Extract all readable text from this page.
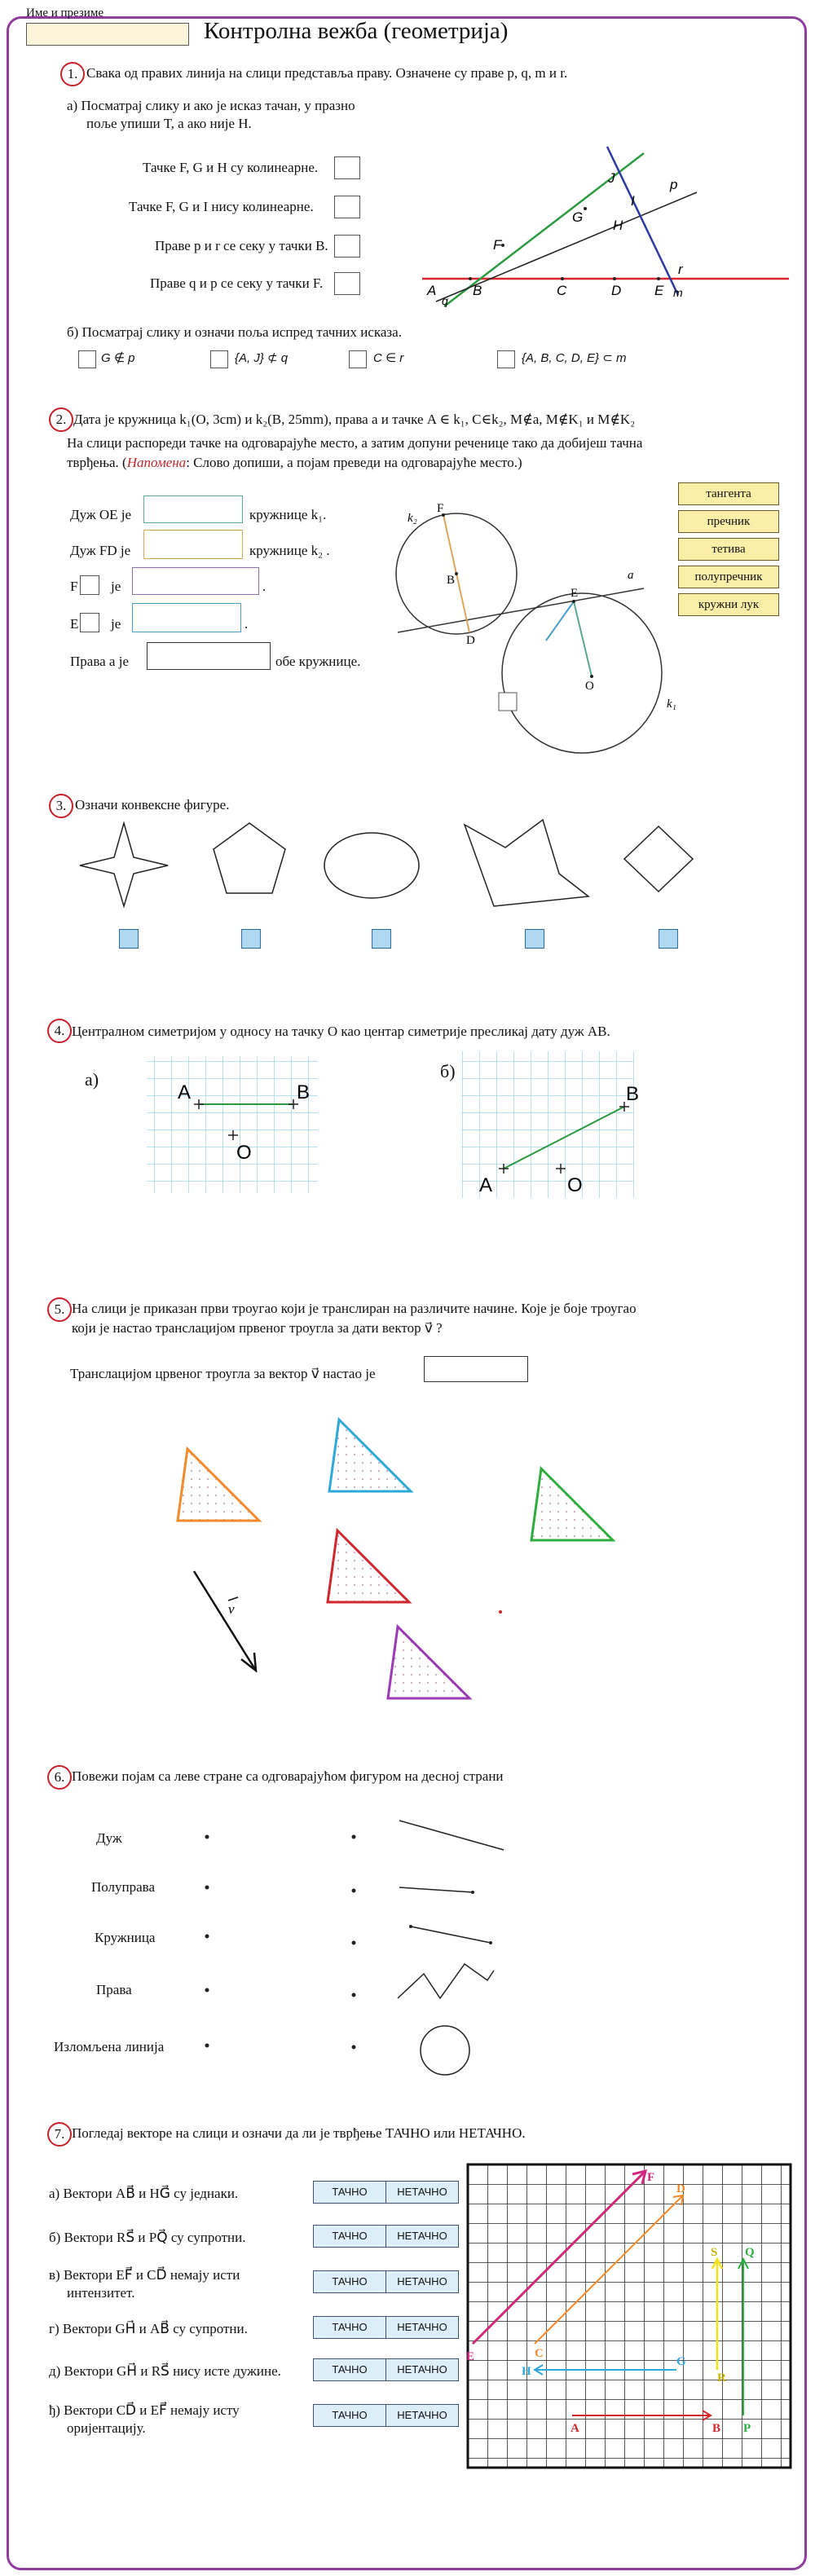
Име и презиме
Контролна вежба (геометрија)
1. Свака од правих линија на слици представља праву. Означене су праве p, q, m и r.
а) Посматрај слику и ако је исказ тачан, у празно
поље упиши Т, а ако није Н.
Тачке F, G и H су колинеарне.
Тачке F, G и I нису колинеарне.
Праве p и r се секу у тачки B.
Праве q и p се секу у тачки F.
J
I
p
G
H
F
r
A
q
B	C	D E m
б) Посматрај слику и означи поља испред тачних исказа.
G ∉ p	{A, J} ⊄ q	C ∈ r	{A, B, C, D, E} ⊂ m
2. Дата је кружница k₁(O, 3cm) и k₂(B, 25mm), права a и тачке A ∈ k₁, C∈k₂, M∉a, M∉K₁ и M∉K₂
На слици распореди тачке на одговарајуће место, а затим допуни реченице тако да добијеш тачна
тврђења. (Напомена: Слово допиши, а појам преведи на одговарајуће место.)
Дуж OE је	кружнице k₁.
Дуж FD је	кружнице k₂ .
F је	.
E је	.
Права a је	обе кружнице.
k₂
F
B
D
E
a
O
k₁
тангента
пречник
тетива
полупречник
кружни лук
3. Означи конвексне фигуре.
4. Централном симетријом у односу на тачку O као центар симетрије пресликај дату дуж AB.
а)	б)
A	B
O
A
B
O
5. На слици је приказан први троугао који је транслиран на различите начине. Које је боје троугао
који је настао транслацијом првеног троугла за дати вектор v⃗ ?
Транслацијом црвеног троугла за вектор v⃗ настао је
v
6. Повежи појам са леве стране са одговарајућом фигуром на десној страни
Дуж
Полуправа
Кружница
Права
Изломљена линија
7. Погледај векторе на слици и означи да ли је тврђење ТАЧНО или НЕТАЧНО.
а) Вектори AB⃗ и HG⃗ су једнаки.	ТАЧНО	НЕТАЧНО
б) Вектори RS⃗ и PQ⃗ су супротни.	ТАЧНО	НЕТАЧНО
в) Вектори EF⃗ и CD⃗ немају исти
интензитет.
ТАЧНО	НЕТАЧНО
г) Вектори GH⃗ и AB⃗ су супротни.	ТАЧНО	НЕТАЧНО
д) Вектори GH⃗ и RS⃗ нису исте дужине.	ТАЧНО	НЕТАЧНО
ђ) Вектори CD⃗ и EF⃗ немају исту
оријентацију.
ТАЧНО	НЕТАЧНО
F
D
E	C
S Q
H
G
R
A	B P
